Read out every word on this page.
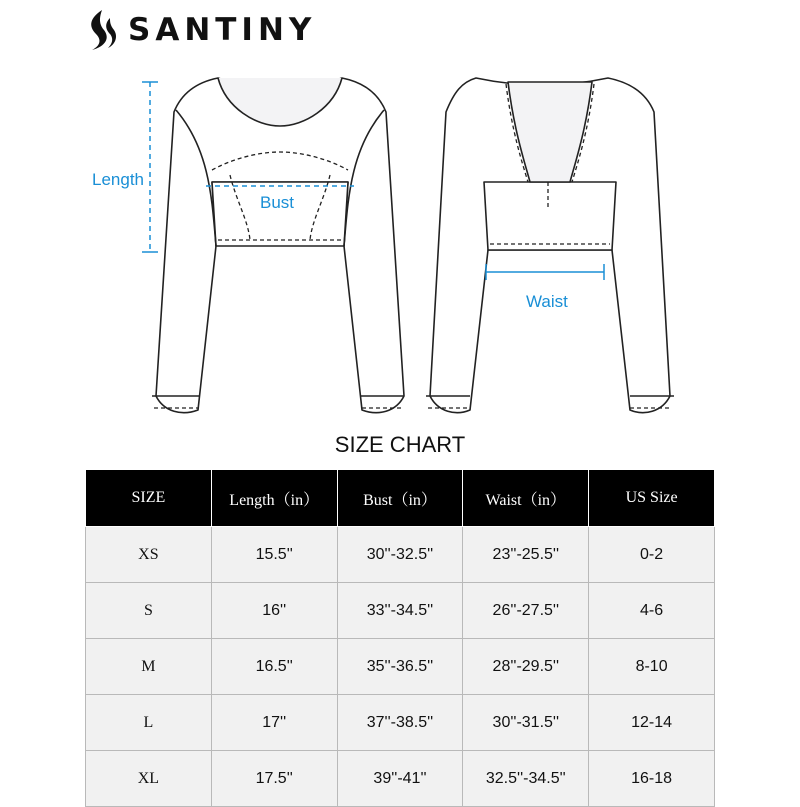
SANTINY
Length
Bust
Waist
SIZE CHART
SIZE	Length（in）	Bust（in）	Waist（in）	US Size
XS	15.5''	30''-32.5''	23''-25.5''	0-2
S	16''	33''-34.5''	26''-27.5''	4-6
M	16.5''	35''-36.5''	28''-29.5''	8-10
L	17''	37''-38.5''	30''-31.5''	12-14
XL	17.5''	39''-41''	32.5''-34.5''	16-18
